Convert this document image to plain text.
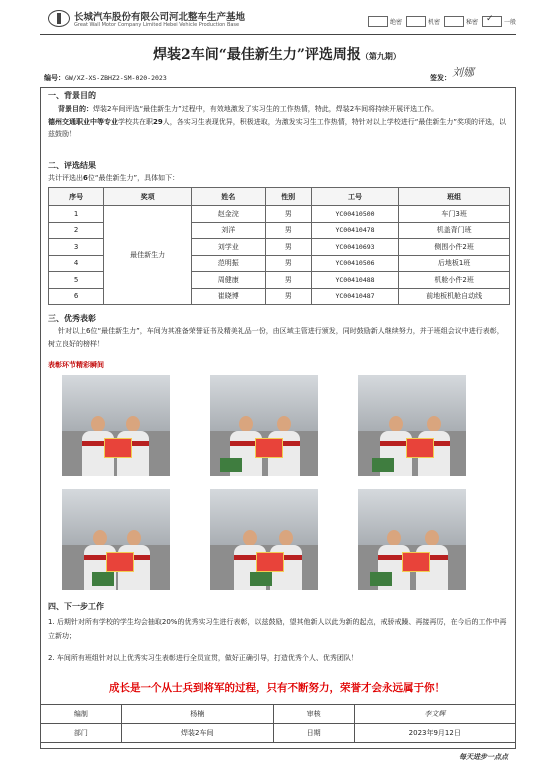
长城汽车股份有限公司河北整车生产基地
Great Wall Motor Company Limited Hebei Vehicle Production Base	绝密	机密	秘密 ✓	一般
焊装2车间“最佳新生力”评选周报（第九期）
编号：GW/XZ-XS-ZBHZ2-SM-020-2023	签发： 刘娜
一、背景目的
背景目的：焊装2车间评选“最佳新生力”过程中，有效地激发了实习生的工作热情，特此，焊装2车间将持续开展评选工作。
德州交通职业中等专业学校共在职29人，各实习生表现优异，积极进取，为激发实习生工作热情，特针对以上学校进行“最佳新生力”奖项的评选，以兹鼓励！
二、评选结果
共计评选出6位“最佳新生力”，具体如下：
序号	奖项	姓名	性别	工号	班组
1	最佳新生力	赵金浣	男	YC00410500	车门3班
2		刘洋	男	YC00410478	机盖背门班
3		刘学业	男	YC00410693	侧围小件2班
4		范明振	男	YC00410506	后地板1班
5		周健康	男	YC00410488	机舱小件2班
6		崔晓博	男	YC00410487	前地板机舱自动线
三、优秀表彰
针对以上6位“最佳新生力”，车间为其准备荣誉证书及精美礼品一份，由区域主管进行颁发，同时鼓励新人继续努力，并于班组会议中进行表彰，树立良好的榜样！
表彰环节精彩瞬间
四、下一步工作
1. 后期针对所有学校的学生均会抽取20%的优秀实习生进行表彰，以兹鼓励，望其他新人以此为新的起点，戒骄戒躁、再接再厉，在今后的工作中再立新功；
2. 车间所有班组针对以上优秀实习生表彰进行全员宣贯，做好正确引导，打造优秀个人、优秀团队！
成长是一个从士兵到将军的过程，只有不断努力，荣誉才会永远属于你！
编制	杨楠	审核	李文辉
部门	焊装2车间	日期	2023年9月12日
每天进步一点点
